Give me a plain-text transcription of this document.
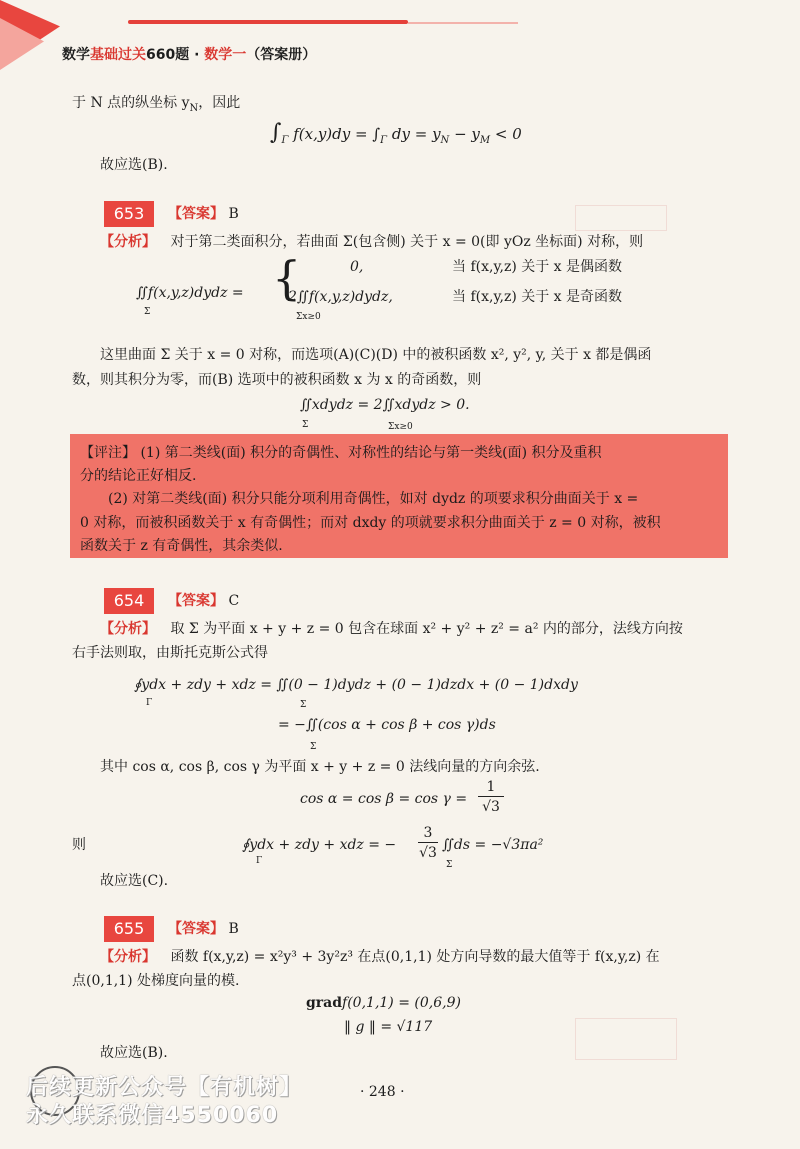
数学基础过关660题 · 数学一（答案册）
于 N 点的纵坐标 $y_N$，因此
$\int_\Gamma$ $f(x,y)dy = \int_\Gamma$ dy = $y_N - y_M < 0$
故应选(B).
653	【答案】 B
【分析】 对于第二类面积分，若曲面 Σ(包含侧) 关于 x = 0(即 yOz 坐标面) 对称，则
∬f(x,y,z)dydz =
Σ
{	0,	当 f(x,y,z) 关于 x 是偶函数
2∬f(x,y,z)dydz,
Σx≥0
当 f(x,y,z) 关于 x 是奇函数
这里曲面 Σ 关于 x = 0 对称，而选项(A)(C)(D) 中的被积函数 x², y², y, 关于 x 都是偶函
数，则其积分为零，而(B) 选项中的被积函数 x 为 x 的奇函数，则
∬xdydz = 2∬xdydz > 0.
Σ	Σx≥0
【评注】 (1) 第二类线(面) 积分的奇偶性、对称性的结论与第一类线(面) 积分及重积
分的结论正好相反.
(2) 对第二类线(面) 积分只能分项利用奇偶性，如对 dydz 的项要求积分曲面关于 x =
0 对称，而被积函数关于 x 有奇偶性；而对 dxdy 的项就要求积分曲面关于 z = 0 对称，被积
函数关于 z 有奇偶性，其余类似.
654	【答案】 C
【分析】 取 Σ 为平面 x + y + z = 0 包含在球面 x² + y² + z² = a² 内的部分，法线方向按
右手法则取，由斯托克斯公式得
∮ydx + zdy + xdz = ∬(0 − 1)dydz + (0 − 1)dzdx + (0 − 1)dxdy
Γ	Σ
= −∬(cos α + cos β + cos γ)ds
Σ
其中 cos α, cos β, cos γ 为平面 x + y + z = 0 法线向量的方向余弦.
cos α = cos β = cos γ =
1
√3
则	∮ydx + zdy + xdz = −
3
√3 ∬ds = −√3πa²
Γ	Σ
故应选(C).
655	【答案】 B
【分析】 函数 f(x,y,z) = x²y³ + 3y²z³ 在点(0,1,1) 处方向导数的最大值等于 f(x,y,z) 在
点(0,1,1) 处梯度向量的模.
gradf(0,1,1) = (0,6,9)
‖ g ‖ = √117
故应选(B).
· 248 ·
后续更新公众号【有机树】
永久联系微信4550060
